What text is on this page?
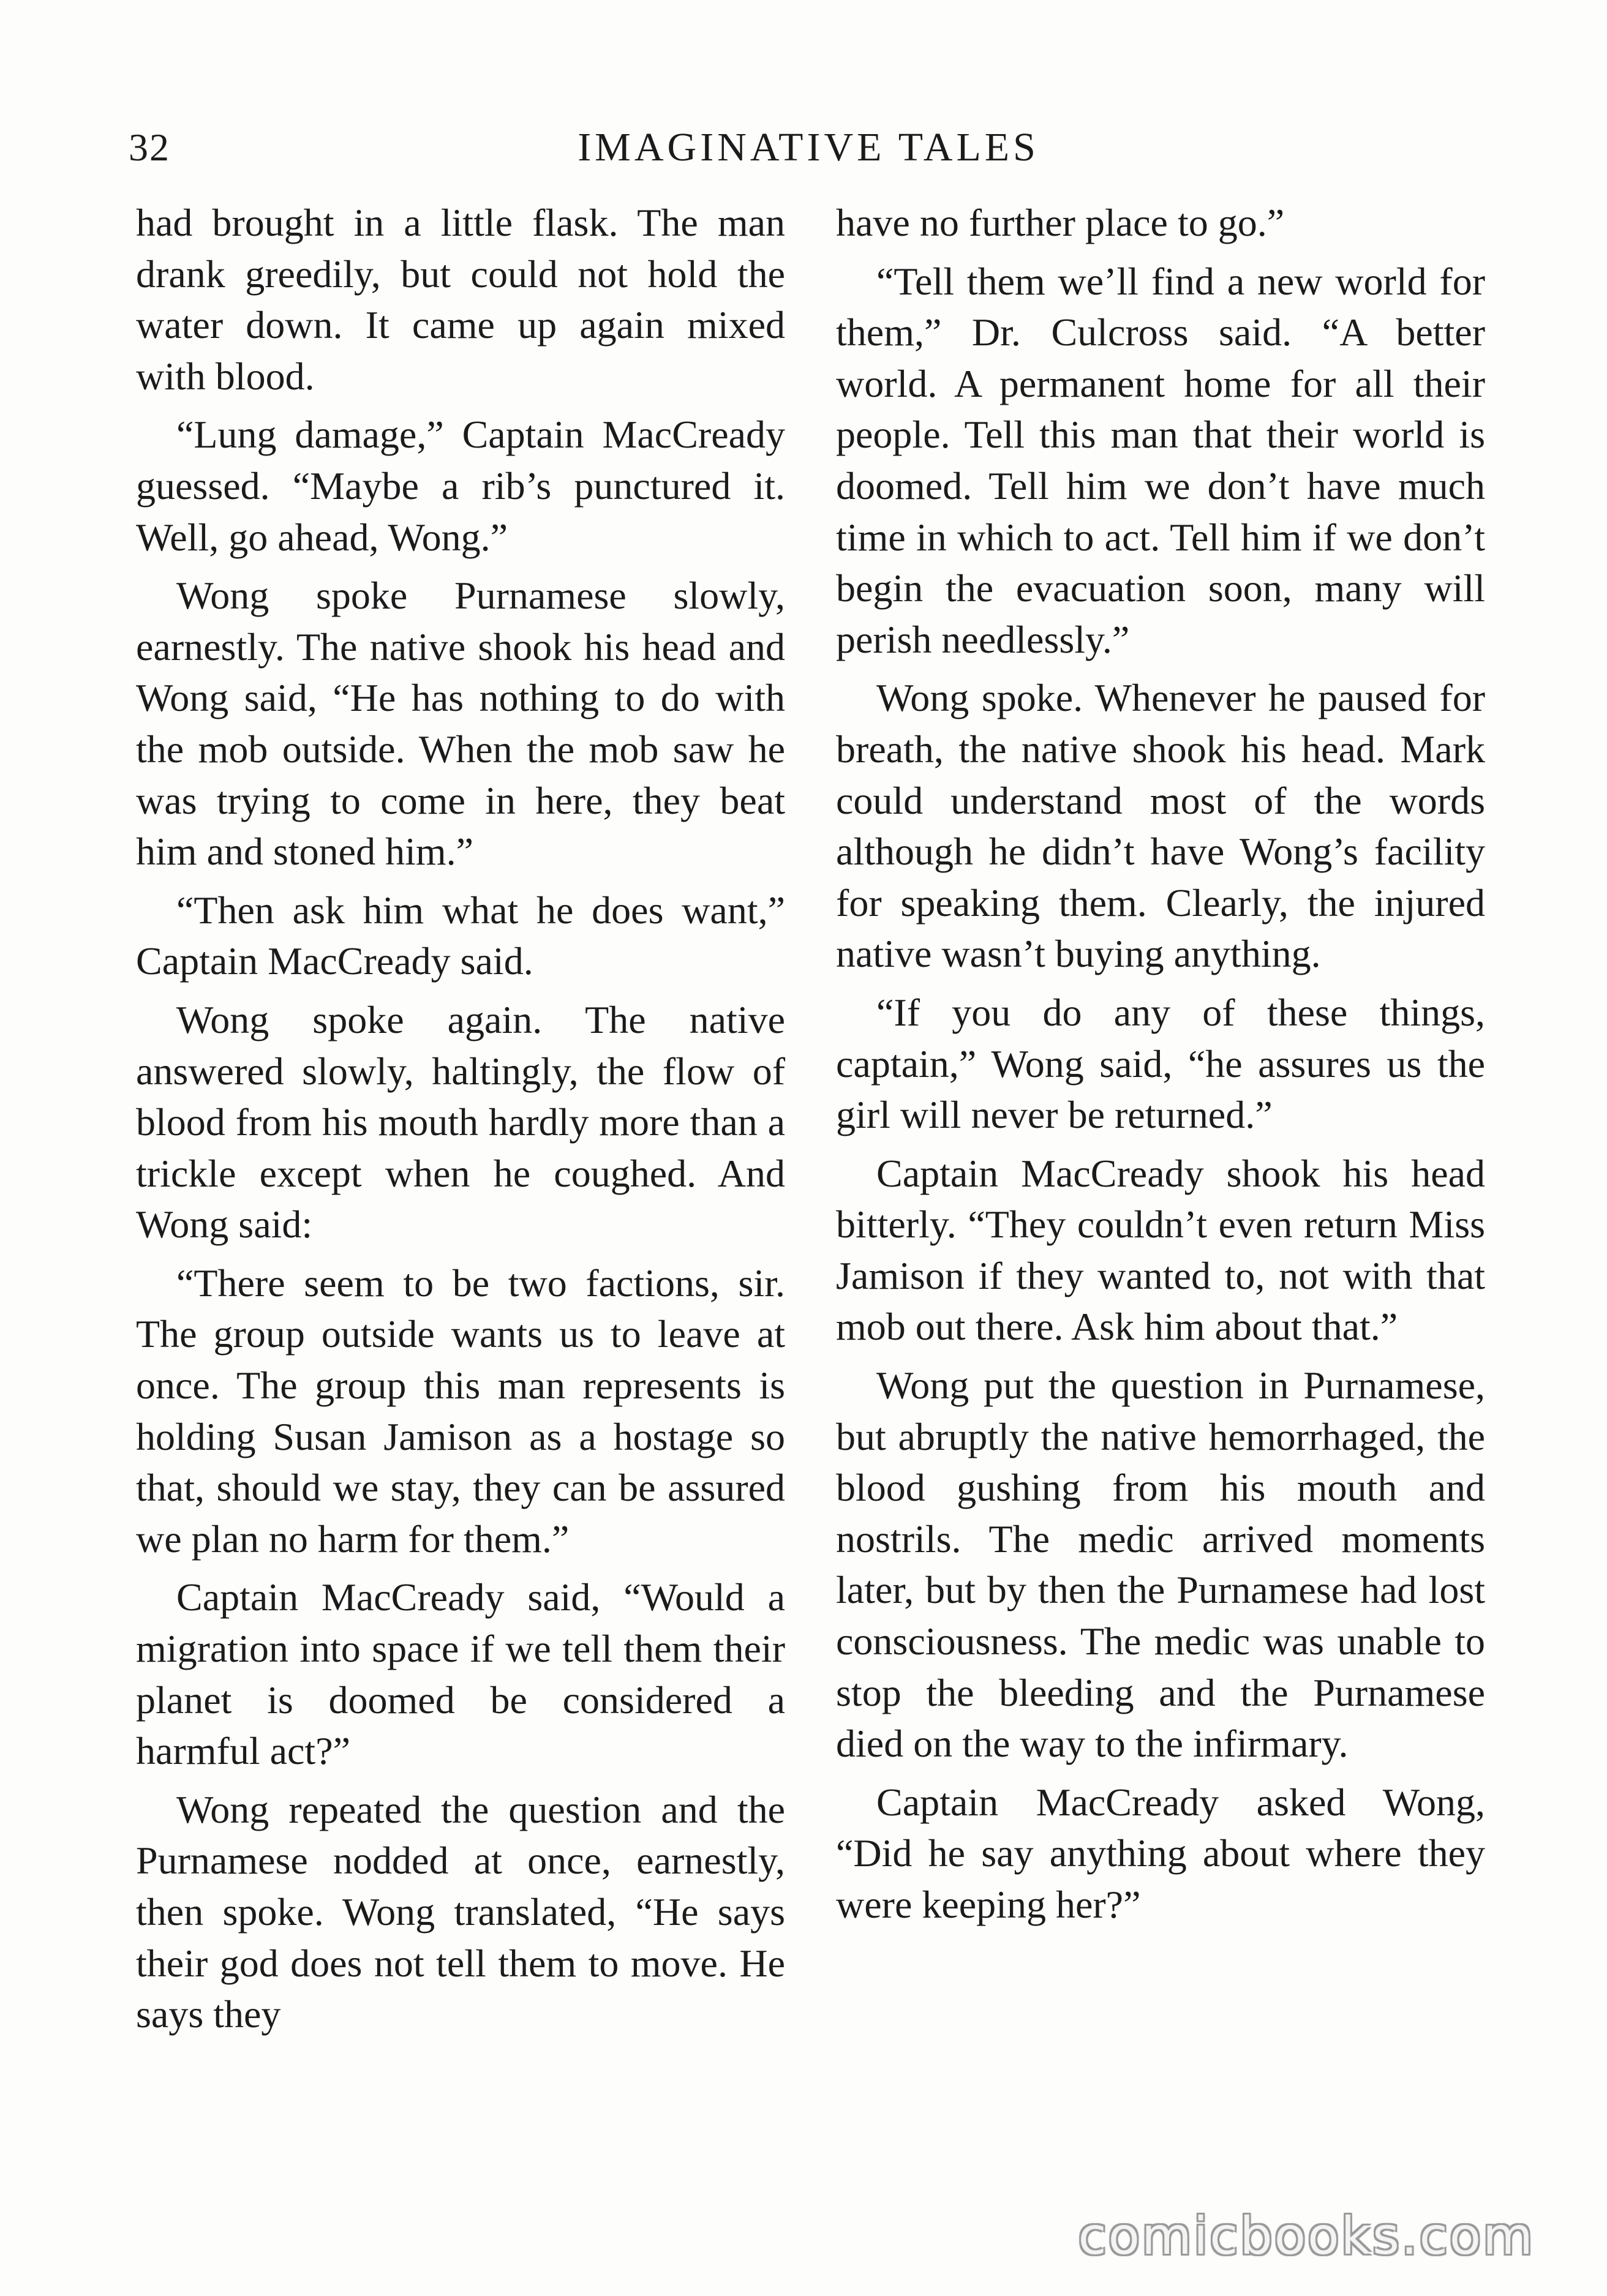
32	IMAGINATIVE TALES

had brought in a little flask. The man drank greedily, but could not hold the water down. It came up again mixed with blood.

“Lung damage,” Captain MacCready guessed. “Maybe a rib’s punctured it. Well, go ahead, Wong.”

Wong spoke Purnamese slowly, earnestly. The native shook his head and Wong said, “He has nothing to do with the mob outside. When the mob saw he was trying to come in here, they beat him and stoned him.”

“Then ask him what he does want,” Captain MacCready said.

Wong spoke again. The native answered slowly, haltingly, the flow of blood from his mouth hardly more than a trickle except when he coughed. And Wong said:

“There seem to be two factions, sir. The group outside wants us to leave at once. The group this man represents is holding Susan Jamison as a hostage so that, should we stay, they can be assured we plan no harm for them.”

Captain MacCready said, “Would a migration into space if we tell them their planet is doomed be considered a harmful act?”

Wong repeated the question and the Purnamese nodded at once, earnestly, then spoke. Wong translated, “He says their god does not tell them to move. He says they

have no further place to go.”

“Tell them we’ll find a new world for them,” Dr. Culcross said. “A better world. A permanent home for all their people. Tell this man that their world is doomed. Tell him we don’t have much time in which to act. Tell him if we don’t begin the evacuation soon, many will perish needlessly.”

Wong spoke. Whenever he paused for breath, the native shook his head. Mark could understand most of the words although he didn’t have Wong’s facility for speaking them. Clearly, the injured native wasn’t buying anything.

“If you do any of these things, captain,” Wong said, “he assures us the girl will never be returned.”

Captain MacCready shook his head bitterly. “They couldn’t even return Miss Jamison if they wanted to, not with that mob out there. Ask him about that.”

Wong put the question in Purnamese, but abruptly the native hemorrhaged, the blood gushing from his mouth and nostrils. The medic arrived moments later, but by then the Purnamese had lost consciousness. The medic was unable to stop the bleeding and the Purnamese died on the way to the infirmary.

Captain MacCready asked Wong, “Did he say anything about where they were keeping her?”

comicbooks.com
